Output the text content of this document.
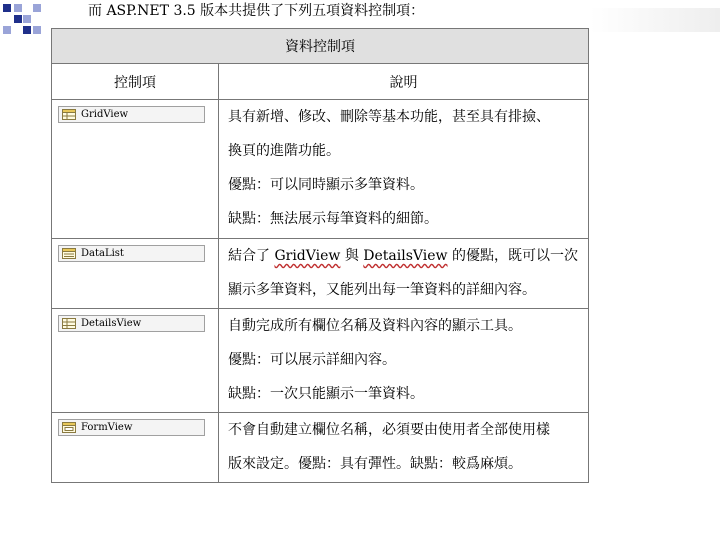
而 ASP.NET 3.5 版本共提供了下列五項資料控制項：
資料控制項	
控制項	說明

GridView	具有新增、修改、刪除等基本功能，甚至具有排撿、

換頁的進階功能。

優點：可以同時顯示多筆資料。

缺點：無法展示每筆資料的細節。

DataList	結合了 GridView 與 DetailsView 的優點，既可以一次

顯示多筆資料，又能列出每一筆資料的詳細內容。

DetailsView	自動完成所有欄位名稱及資料內容的顯示工具。

優點：可以展示詳細內容。

缺點：一次只能顯示一筆資料。

FormView	不會自動建立欄位名稱，必須要由使用者全部使用樣

版來設定。優點：具有彈性。缺點：較爲麻煩。
